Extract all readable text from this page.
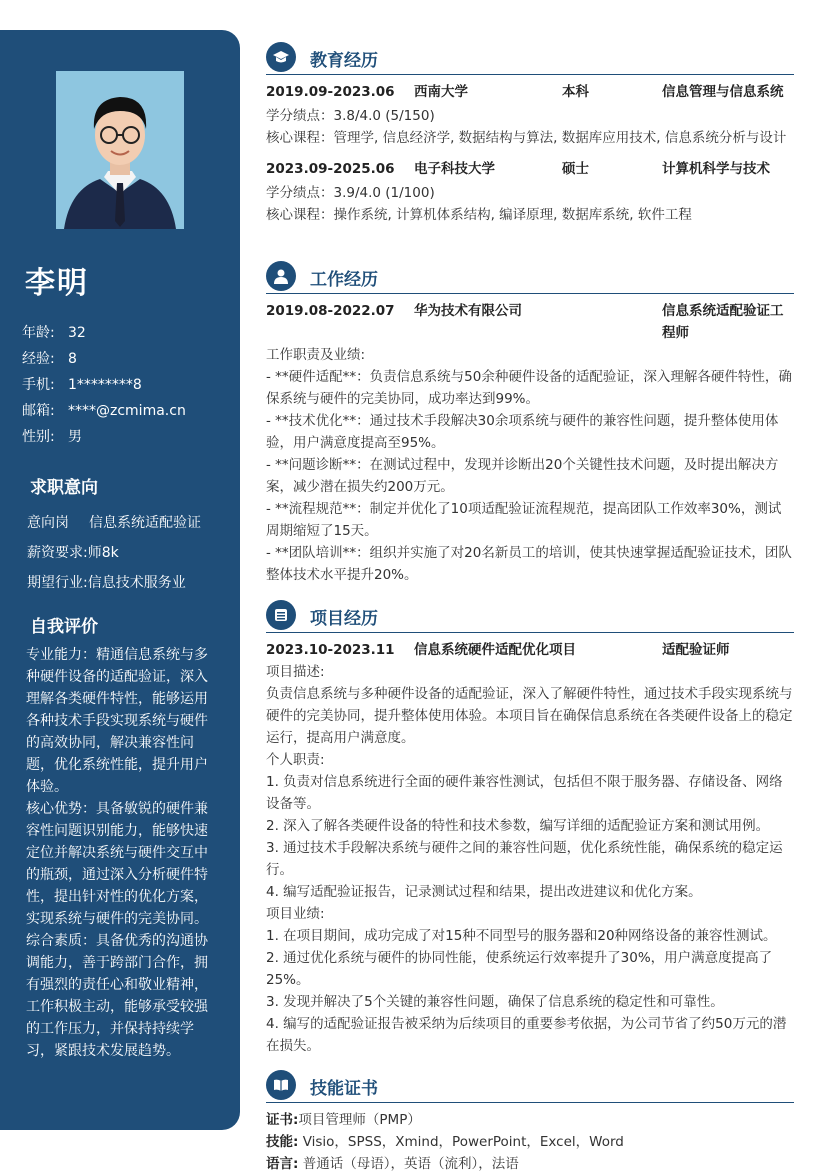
李明
年龄: 32
经验: 8
手机: 1********8
邮箱: ****@zcmima.cn
性别: 男
求职意向
意向岗 信息系统适配验证
薪资要求:师8k
期望行业:信息技术服务业
自我评价

专业能力：精通信息系统与多种硬件设备的适配验证，深入理解各类硬件特性，能够运用各种技术手段实现系统与硬件的高效协同，解决兼容性问题，优化系统性能，提升用户体验。

核心优势：具备敏锐的硬件兼容性问题识别能力，能够快速定位并解决系统与硬件交互中的瓶颈，通过深入分析硬件特性，提出针对性的优化方案，实现系统与硬件的完美协同。

综合素质：具备优秀的沟通协调能力，善于跨部门合作，拥有强烈的责任心和敬业精神，工作积极主动，能够承受较强的工作压力，并保持持续学习，紧跟技术发展趋势。

教育经历
2019.09-2023.06 西南大学	本科	信息管理与信息系统

学分绩点：3.8/4.0 (5/150)

核心课程：管理学, 信息经济学, 数据结构与算法, 数据库应用技术, 信息系统分析与设计

2023.09-2025.06 电子科技大学	硕士	计算机科学与技术

学分绩点：3.9/4.0 (1/100)

核心课程：操作系统, 计算机体系结构, 编译原理, 数据库系统, 软件工程

工作经历
2019.08-2022.07 华为技术有限公司	信息系统适配验证工程师

工作职责及业绩:

- **硬件适配**：负责信息系统与50余种硬件设备的适配验证，深入理解各硬件特性，确保系统与硬件的完美协同，成功率达到99%。

- **技术优化**：通过技术手段解决30余项系统与硬件的兼容性问题，提升整体使用体验，用户满意度提高至95%。

- **问题诊断**：在测试过程中，发现并诊断出20个关键性技术问题，及时提出解决方案，减少潜在损失约200万元。

- **流程规范**：制定并优化了10项适配验证流程规范，提高团队工作效率30%，测试周期缩短了15天。

- **团队培训**：组织并实施了对20名新员工的培训，使其快速掌握适配验证技术，团队整体技术水平提升20%。

项目经历
2023.10-2023.11 信息系统硬件适配优化项目	适配验证师

项目描述:

负责信息系统与多种硬件设备的适配验证，深入了解硬件特性，通过技术手段实现系统与硬件的完美协同，提升整体使用体验。本项目旨在确保信息系统在各类硬件设备上的稳定运行，提高用户满意度。

个人职责:

1. 负责对信息系统进行全面的硬件兼容性测试，包括但不限于服务器、存储设备、网络设备等。

2. 深入了解各类硬件设备的特性和技术参数，编写详细的适配验证方案和测试用例。

3. 通过技术手段解决系统与硬件之间的兼容性问题，优化系统性能，确保系统的稳定运行。

4. 编写适配验证报告，记录测试过程和结果，提出改进建议和优化方案。

项目业绩:

1. 在项目期间，成功完成了对15种不同型号的服务器和20种网络设备的兼容性测试。

2. 通过优化系统与硬件的协同性能，使系统运行效率提升了30%，用户满意度提高了25%。

3. 发现并解决了5个关键的兼容性问题，确保了信息系统的稳定性和可靠性。

4. 编写的适配验证报告被采纳为后续项目的重要参考依据，为公司节省了约50万元的潜在损失。

技能证书
证书:项目管理师（PMP）
技能: Visio，SPSS，Xmind，PowerPoint，Excel，Word
语言: 普通话（母语），英语（流利），法语
